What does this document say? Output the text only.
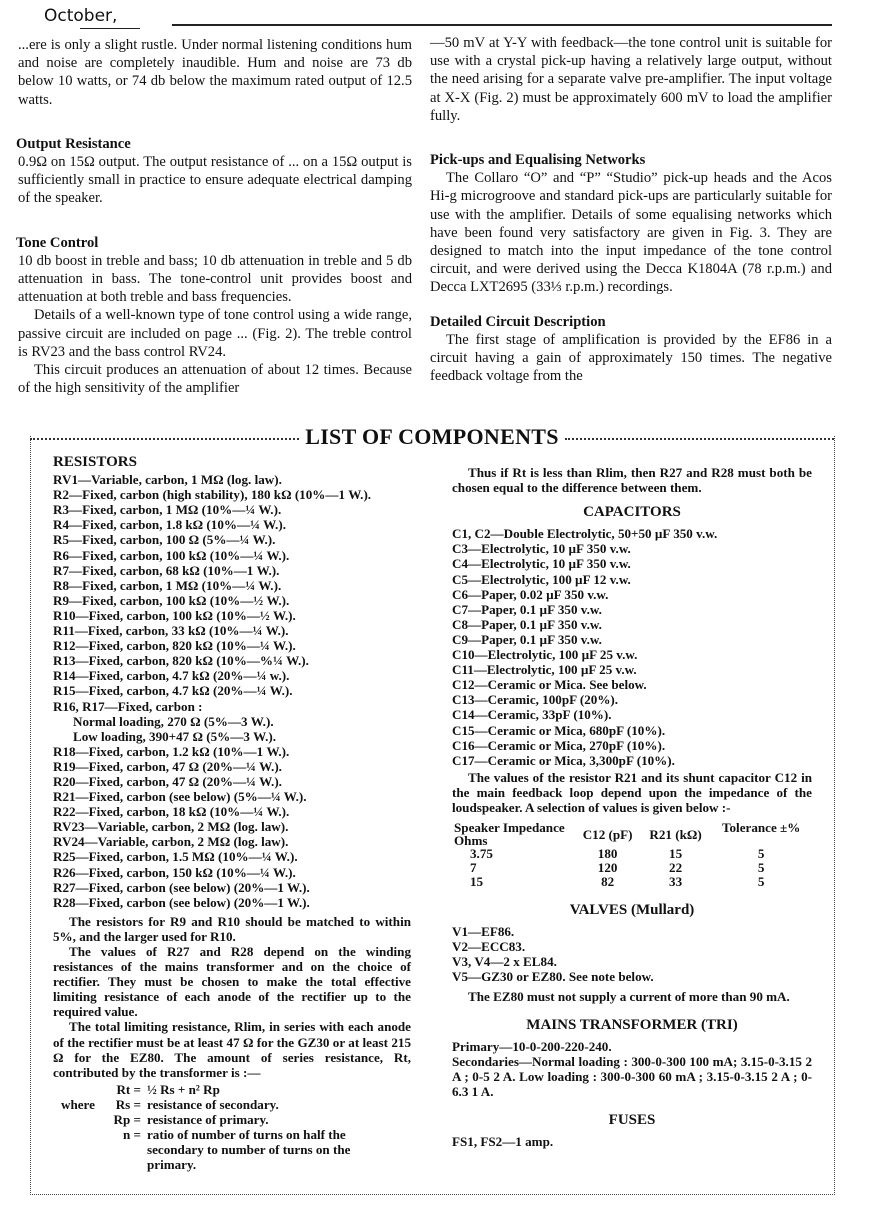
October,

...ere is only a slight rustle. Under normal listening conditions hum and noise are completely inaudible. Hum and noise are 73 db below 10 watts, or 74 db below the maximum rated output of 12.5 watts.

Output Resistance

0.9Ω on 15Ω output. The output resistance of ... on a 15Ω output is sufficiently small in practice to ensure adequate electrical damping of the speaker.

Tone Control

10 db boost in treble and bass; 10 db attenuation in treble and 5 db attenuation in bass. The tone-control unit provides boost and attenuation at both treble and bass frequencies.

Details of a well-known type of tone control using a wide range, passive circuit are included on page ... (Fig. 2). The treble control is RV23 and the bass control RV24.

This circuit produces an attenuation of about 12 times. Because of the high sensitivity of the amplifier

—50 mV at Y-Y with feedback—the tone control unit is suitable for use with a crystal pick-up having a relatively large output, without the need arising for a separate valve pre-amplifier. The input voltage at X-X (Fig. 2) must be approximately 600 mV to load the amplifier fully.

Pick-ups and Equalising Networks

The Collaro “O” and “P” “Studio” pick-up heads and the Acos Hi-g microgroove and standard pick-ups are particularly suitable for use with the amplifier. Details of some equalising networks which have been found very satisfactory are given in Fig. 3. They are designed to match into the input impedance of the tone control circuit, and were derived using the Decca K1804A (78 r.p.m.) and Decca LXT2695 (33⅓ r.p.m.) recordings.

Detailed Circuit Description

The first stage of amplification is provided by the EF86 in a circuit having a gain of approximately 150 times. The negative feedback voltage from the

LIST OF COMPONENTS
RESISTORS
RV1—Variable, carbon, 1 MΩ (log. law).
R2—Fixed, carbon (high stability), 180 kΩ (10%—1 W.).
R3—Fixed, carbon, 1 MΩ (10%—¼ W.).
R4—Fixed, carbon, 1.8 kΩ (10%—¼ W.).
R5—Fixed, carbon, 100 Ω (5%—¼ W.).
R6—Fixed, carbon, 100 kΩ (10%—¼ W.).
R7—Fixed, carbon, 68 kΩ (10%—1 W.).
R8—Fixed, carbon, 1 MΩ (10%—¼ W.).
R9—Fixed, carbon, 100 kΩ (10%—½ W.).
R10—Fixed, carbon, 100 kΩ (10%—½ W.).
R11—Fixed, carbon, 33 kΩ (10%—¼ W.).
R12—Fixed, carbon, 820 kΩ (10%—¼ W.).
R13—Fixed, carbon, 820 kΩ (10%—%¼ W.).
R14—Fixed, carbon, 4.7 kΩ (20%—¼ w.).
R15—Fixed, carbon, 4.7 kΩ (20%—¼ W.).
R16, R17—Fixed, carbon :
Normal loading, 270 Ω (5%—3 W.).
Low loading, 390+47 Ω (5%—3 W.).
R18—Fixed, carbon, 1.2 kΩ (10%—1 W.).
R19—Fixed, carbon, 47 Ω (20%—¼ W.).
R20—Fixed, carbon, 47 Ω (20%—¼ W.).
R21—Fixed, carbon (see below) (5%—¼ W.).
R22—Fixed, carbon, 18 kΩ (10%—¼ W.).
RV23—Variable, carbon, 2 MΩ (log. law).
RV24—Variable, carbon, 2 MΩ (log. law).
R25—Fixed, carbon, 1.5 MΩ (10%—¼ W.).
R26—Fixed, carbon, 150 kΩ (10%—¼ W.).
R27—Fixed, carbon (see below) (20%—1 W.).
R28—Fixed, carbon (see below) (20%—1 W.).

The resistors for R9 and R10 should be matched to within 5%, and the larger used for R10.

The values of R27 and R28 depend on the winding resistances of the mains transformer and on the choice of rectifier. They must be chosen to make the total effective limiting resistance of each anode of the rectifier up to the required value.

The total limiting resistance, Rlim, in series with each anode of the rectifier must be at least 47 Ω for the GZ30 or at least 215 Ω for the EZ80. The amount of series resistance, Rt, contributed by the transformer is :—

Rt = ½ Rs + n² Rp
where	Rs = resistance of secondary.
Rp = resistance of primary.
n = ratio of number of turns on half the secondary to number of turns on the primary.

Thus if Rt is less than Rlim, then R27 and R28 must both be chosen equal to the difference between them.

CAPACITORS
C1, C2—Double Electrolytic, 50+50 µF 350 v.w.
C3—Electrolytic, 10 µF 350 v.w.
C4—Electrolytic, 10 µF 350 v.w.
C5—Electrolytic, 100 µF 12 v.w.
C6—Paper, 0.02 µF 350 v.w.
C7—Paper, 0.1 µF 350 v.w.
C8—Paper, 0.1 µF 350 v.w.
C9—Paper, 0.1 µF 350 v.w.
C10—Electrolytic, 100 µF 25 v.w.
C11—Electrolytic, 100 µF 25 v.w.
C12—Ceramic or Mica. See below.
C13—Ceramic, 100pF (20%).
C14—Ceramic, 33pF (10%).
C15—Ceramic or Mica, 680pF (10%).
C16—Ceramic or Mica, 270pF (10%).
C17—Ceramic or Mica, 3,300pF (10%).

The values of the resistor R21 and its shunt capacitor C12 in the main feedback loop depend upon the impedance of the loudspeaker. A selection of values is given below :-

Speaker Impedance Ohms	C12 (pF)	R21 (kΩ)	Tolerance ±%
3.75	180	15	5
7	120	22	5
15	82	33	5
VALVES (Mullard)
V1—EF86.
V2—ECC83.
V3, V4—2 x EL84.
V5—GZ30 or EZ80. See note below.

The EZ80 must not supply a current of more than 90 mA.

MAINS TRANSFORMER (TRI)
Primary—10-0-200-220-240.
Secondaries—Normal loading : 300-0-300 100 mA; 3.15-0-3.15 2 A ; 0-5 2 A. Low loading : 300-0-300 60 mA ; 3.15-0-3.15 2 A ; 0-6.3 1 A.
FUSES
FS1, FS2—1 amp.
